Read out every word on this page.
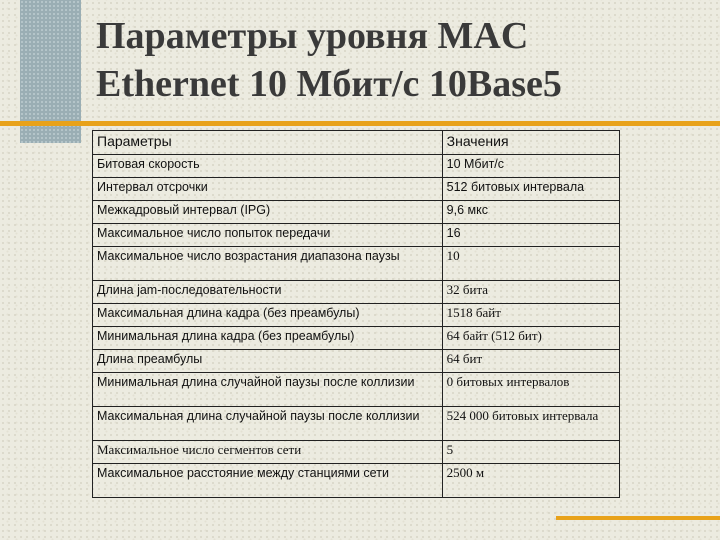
Параметры уровня MAC
Ethernet 10 Мбит/с 10Base5
Параметры	Значения
Битовая скорость	10 Мбит/с
Интервал отсрочки	512 битовых интервала
Межкадровый интервал (IPG)	9,6 мкс
Максимальное число попыток передачи	16
Максимальное число возрастания диапазона паузы	10
Длина jam-последовательности	32 бита
Максимальная длина кадра (без преамбулы)	1518 байт
Минимальная длина кадра (без преамбулы)	64 байт (512 бит)
Длина преамбулы	64 бит
Минимальная длина случайной паузы после коллизии	0 битовых интервалов
Максимальная длина случайной паузы после коллизии	524 000 битовых интервала
Максимальное число сегментов сети	5
Максимальное расстояние между станциями сети	2500 м
